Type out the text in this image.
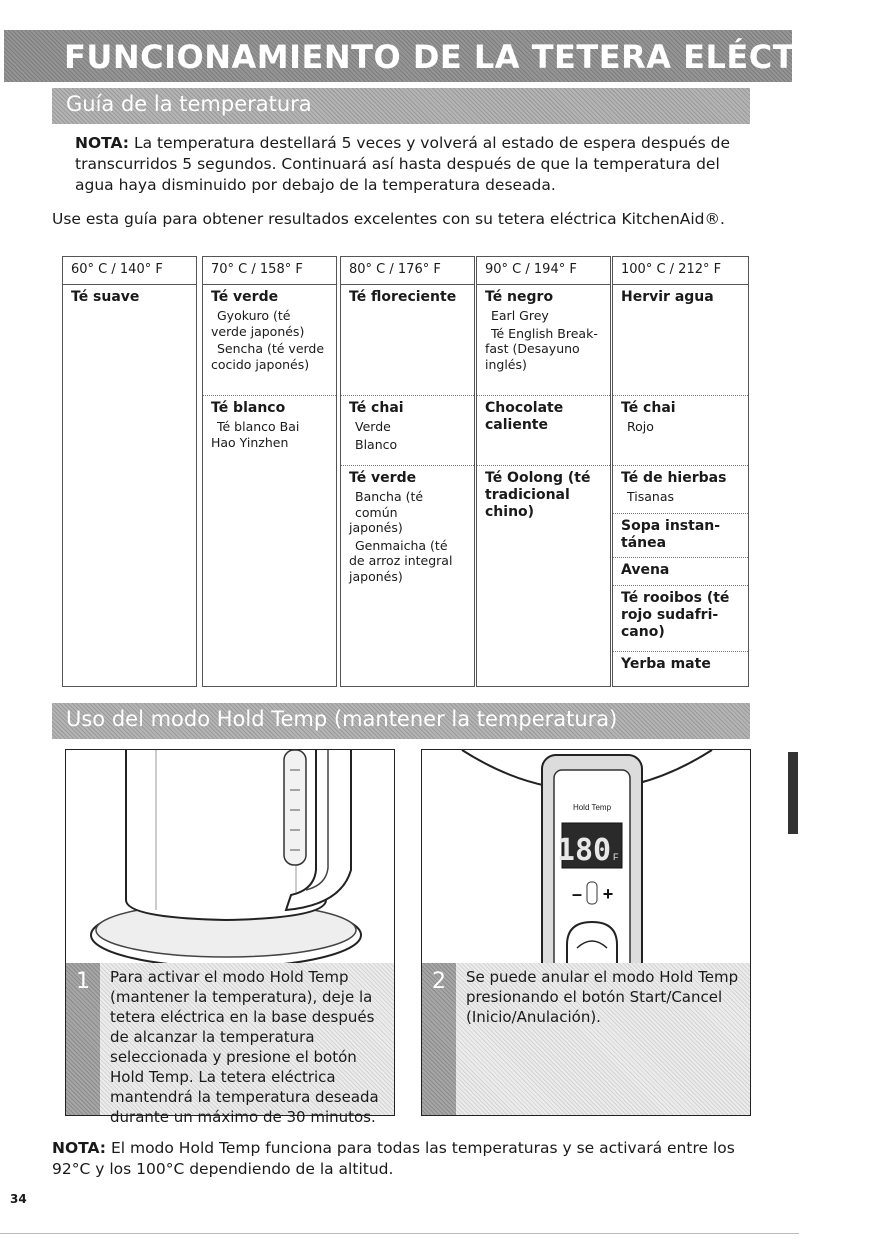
FUNCIONAMIENTO DE LA TETERA ELÉCTRICA
Guía de la temperatura
NOTA: La temperatura destellará 5 veces y volverá al estado de espera después de transcurridos 5 segundos. Continuará así hasta después de que la temperatura del agua haya disminuido por debajo de la temperatura deseada.
Use esta guía para obtener resultados excelentes con su tetera eléctrica KitchenAid®.
60° C / 140° F
Té suave
70° C / 158° F
Té verde
Gyokuro (té
verde japonés)
Sencha (té verde
cocido japonés)
Té blanco
Té blanco Bai
Hao Yinzhen
80° C / 176° F
Té floreciente
Té chai
Verde
Blanco
Té verde
Bancha (té común
japonés)
Genmaicha (té
de arroz integral
japonés)
90° C / 194° F
Té negro
Earl Grey
Té English Break-
fast (Desayuno
inglés)
Chocolate
caliente
Té Oolong (té
tradicional
chino)
100° C / 212° F
Hervir agua
Té chai
Rojo
Té de hierbas
Tisanas
Sopa instan-
tánea
Avena
Té rooibos (té
rojo sudafri-
cano)
Yerba mate
Uso del modo Hold Temp (mantener la temperatura)
1	Para activar el modo Hold Temp (mantener la temperatura), deje la tetera eléctrica en la base después de alcanzar la temperatura seleccionada y presione el botón Hold Temp. La tetera eléctrica mantendrá la temperatura deseada durante un máximo de 30 minutos.
Hold Temp
180 F
– +
2	Se puede anular el modo Hold Temp presionando el botón Start/Cancel (Inicio/Anulación).
NOTA: El modo Hold Temp funciona para todas las temperaturas y se activará entre los 92°C y los 100°C dependiendo de la altitud.
34
